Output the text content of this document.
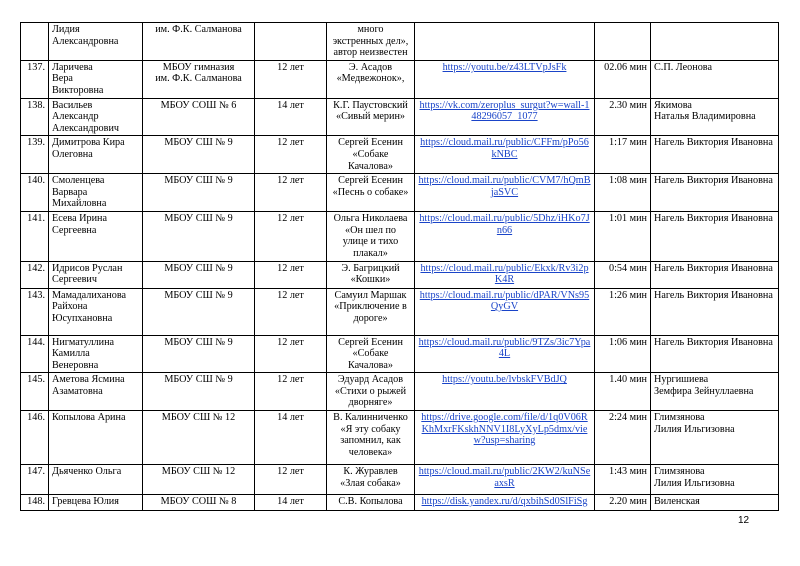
	Лидия
Александровна	им. Ф.К. Салманова		много
экстренных дел»,
автор неизвестен			

137.	Ларичева
Вера
Викторовна	МБОУ гимназия
им. Ф.К. Салманова	12 лет	Э. Асадов
«Медвежонок»,	https://youtu.be/z43LTVpJsFk	02.06 мин	С.П. Леонова

138.	Васильев
Александр
Александрович	МБОУ СОШ № 6	14 лет	К.Г. Паустовский
«Сивый мерин»	https://vk.com/zeroplus_surgut?w=wall-148296057_1077	2.30 мин	Якимова
Наталья Владимировна

139.	Димитрова Кира
Олеговна	МБОУ СШ № 9	12 лет	Сергей Есенин
«Собаке
Качалова»	https://cloud.mail.ru/public/CFFm/pPo56kNBC	1:17 мин	Нагель Виктория Ивановна

140.	Смоленцева
Варвара
Михайловна	МБОУ СШ № 9	12 лет	Сергей Есенин
«Песнь о собаке»	https://cloud.mail.ru/public/CVM7/hQmBjaSVC	1:08 мин	Нагель Виктория Ивановна

141.	Есева Ирина
Сергеевна	МБОУ СШ № 9	12 лет	Ольга Николаева
«Он шел по
улице и тихо
плакал»	https://cloud.mail.ru/public/5Dhz/iHKo7Jn66	1:01 мин	Нагель Виктория Ивановна

142.	Идрисов Руслан
Сергеевич	МБОУ СШ № 9	12 лет	Э. Багрицкий
«Кошки»	https://cloud.mail.ru/public/Ekxk/Rv3i2pK4R	0:54 мин	Нагель Виктория Ивановна

143.	Мамадалиханова
Райхона
Юсупхановна	МБОУ СШ № 9	12 лет	Самуил Маршак
«Приключение в
дороге»	https://cloud.mail.ru/public/dPAR/VNs95QyGV	1:26 мин	Нагель Виктория Ивановна

144.	Нигматуллина
Камилла
Венеровна	МБОУ СШ № 9	12 лет	Сергей Есенин
«Собаке
Качалова»	https://cloud.mail.ru/public/9TZs/3ic7Ypa4L	1:06 мин	Нагель Виктория Ивановна

145.	Аметова Ясмина
Азаматовна	МБОУ СШ № 9	12 лет	Эдуард Асадов
«Стихи о рыжей
дворняге»	https://youtu.be/lvbskFVBdJQ	1.40 мин	Нургишиева
Земфира Зейнуллаевна

146.	Копылова Арина	МБОУ СШ № 12	14 лет	В. Калинниченко
«Я эту собаку
запомнил, как
человека»	https://drive.google.com/file/d/1q0V06RKhMxrFKskhNNV1I8LyXyLp5dmx/view?usp=sharing	2:24 мин	Глимзянова
Лилия Ильгизовна

147.	Дьяченко Ольга	МБОУ СШ № 12	12 лет	К. Журавлев
«Злая собака»	https://cloud.mail.ru/public/2KW2/kuNSeaxsR	1:43 мин	Глимзянова
Лилия Ильгизовна

148.	Гревцева Юлия	МБОУ СОШ № 8	14 лет	С.В. Копылова	https://disk.yandex.ru/d/qxbihSd0SlFiSg	2.20 мин	Виленская
12
